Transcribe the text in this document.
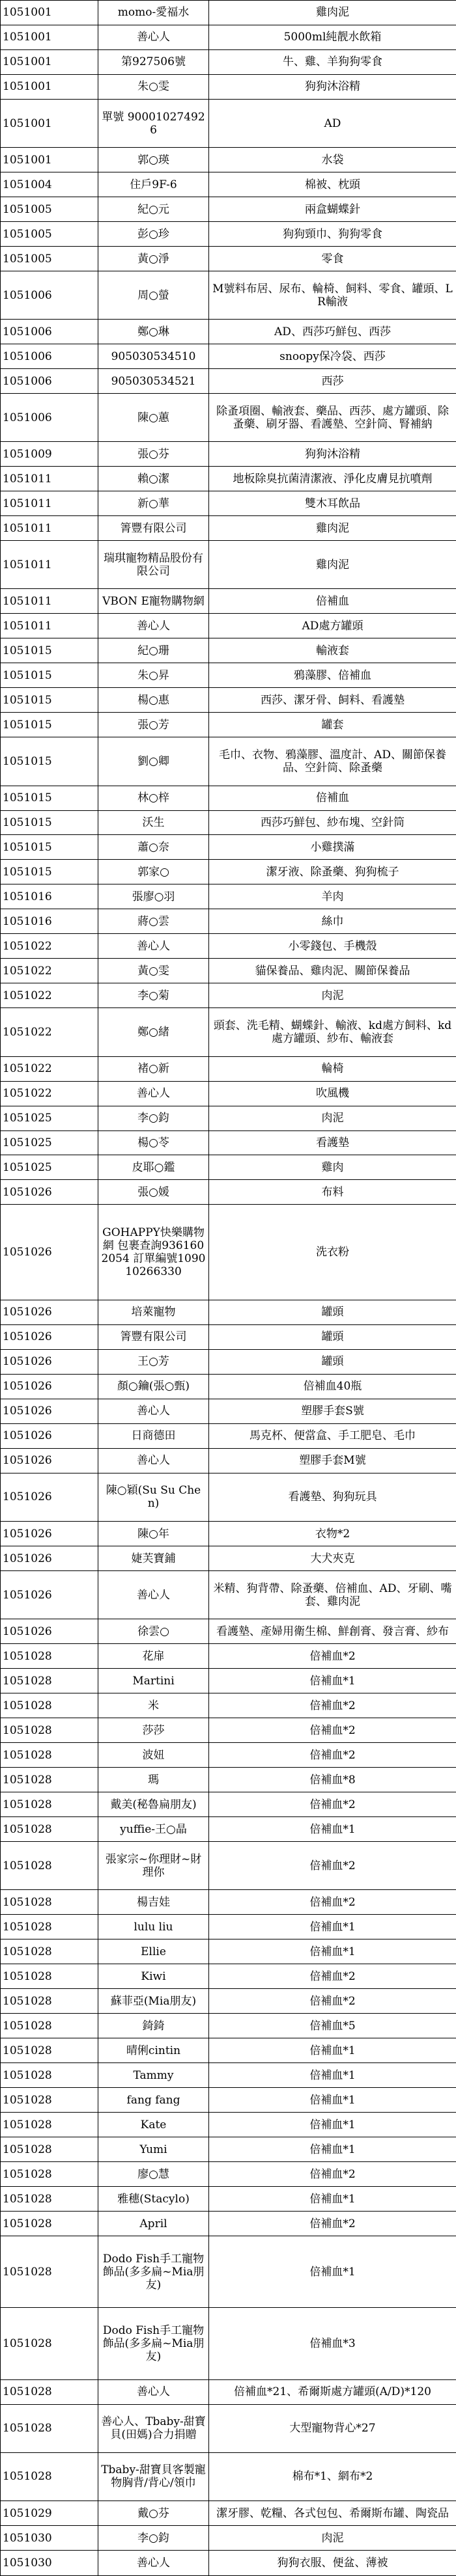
1051001	momo-愛福水	雞肉泥
1051001	善心人	5000ml純靓水飲箱
1051001	第927506號	牛、雞、羊狗狗零食
1051001	朱○雯	狗狗沐浴精
1051001	單號 900010274926	AD
1051001	郭○瑛	水袋
1051004	住戶9F-6	棉被、枕頭
1051005	紀○元	兩盒蝴蝶針
1051005	彭○珍	狗狗頸巾、狗狗零食
1051005	黃○淨	零食
1051006	周○螢	M號料布居、尿布、輪椅、飼料、零食、罐頭、LR輸液
1051006	鄭○琳	AD、西莎巧鮮包、西莎
1051006	905030534510	snoopy保冷袋、西莎
1051006	905030534521	西莎
1051006	陳○蕙	除蚤項圈、輸液套、藥品、西莎、處方罐頭、除蚤藥、刷牙器、看護墊、空針筒、腎補納
1051009	張○芬	狗狗沐浴精
1051011	賴○潔	地板除臭抗菌清潔液、淨化皮膚見抗噴劑
1051011	新○華	雙木耳飲品
1051011	箐豐有限公司	雞肉泥
1051011	瑞琪寵物精品股份有限公司	雞肉泥
1051011	VBON E寵物購物網	倍補血
1051011	善心人	AD處方罐頭
1051015	紀○珊	輸液套
1051015	朱○昇	鴉藻膠、倍補血
1051015	楊○惠	西莎、潔牙骨、飼料、看護墊
1051015	張○芳	罐套
1051015	劉○卿	毛巾、衣物、鴉藻膠、溫度計、AD、關節保養品、空針筒、除蚤藥
1051015	林○梓	倍補血
1051015	沃生	西莎巧鮮包、紗布塊、空針筒
1051015	蕭○奈	小雞撲滿
1051015	郭家○	潔牙液、除蚤藥、狗狗梳子
1051016	張廖○羽	羊肉
1051016	蔣○雲	絲巾
1051022	善心人	小零錢包、手機殼
1051022	黃○雯	貓保養品、雞肉泥、關節保養品
1051022	李○菊	肉泥
1051022	鄭○緒	頭套、洗毛精、蝴蝶針、輸液、kd處方飼料、kd處方罐頭、紗布、輸液套
1051022	褚○新	輪椅
1051022	善心人	吹風機
1051025	李○鈞	肉泥
1051025	楊○苓	看護墊
1051025	皮耶○鑑	雞肉
1051026	張○媛	布料
1051026	GOHAPPY快樂購物網 包裹查詢9361602054 訂單編號109010266330	洗衣粉
1051026	培萊寵物	罐頭
1051026	箐豐有限公司	罐頭
1051026	王○芳	罐頭
1051026	顏○鑰(張○甄)	倍補血40瓶
1051026	善心人	塑膠手套S號
1051026	日商德田	馬克杯、便當盒、手工肥皂、毛巾
1051026	善心人	塑膠手套M號
1051026	陳○穎(Su Su Chen)	看護墊、狗狗玩具
1051026	陳○年	衣物*2
1051026	婕芙寶鋪	大犬夾克
1051026	善心人	米精、狗背帶、除蚤藥、倍補血、AD、牙刷、嘴套、雞肉泥
1051026	徐雲○	看護墊、產婦用衛生棉、鮮創膏、發言膏、紗布
1051028	花扉	倍補血*2
1051028	Martini	倍補血*1
1051028	米	倍補血*2
1051028	莎莎	倍補血*2
1051028	波妞	倍補血*2
1051028	瑪	倍補血*8
1051028	戴美(秘魯扁朋友)	倍補血*2
1051028	yuffie-王○晶	倍補血*1
1051028	張家宗~你理財~財理你	倍補血*2
1051028	楊吉娃	倍補血*2
1051028	lulu liu	倍補血*1
1051028	Ellie	倍補血*1
1051028	Kiwi	倍補血*2
1051028	蘇菲亞(Mia朋友)	倍補血*2
1051028	錡錡	倍補血*5
1051028	晴俐cintin	倍補血*1
1051028	Tammy	倍補血*1
1051028	fang fang	倍補血*1
1051028	Kate	倍補血*1
1051028	Yumi	倍補血*1
1051028	廖○慧	倍補血*2
1051028	雅穗(Stacylo)	倍補血*1
1051028	April	倍補血*2
1051028	Dodo Fish手工寵物飾品(多多扁~Mia朋友)	倍補血*1
1051028	Dodo Fish手工寵物飾品(多多扁~Mia朋友)	倍補血*3
1051028	善心人	倍補血*21、希爾斯處方罐頭(A/D)*120
1051028	善心人、Tbaby-甜寶貝(田媽)合力捐贈	大型寵物背心*27
1051028	Tbaby-甜寶貝客製寵物胸背/背心/領巾	棉布*1、網布*2
1051029	戴○芬	潔牙膠、乾糧、各式包包、希爾斯布罐、陶瓷品
1051030	李○鈞	肉泥
1051030	善心人	狗狗衣服、便盆、薄被
